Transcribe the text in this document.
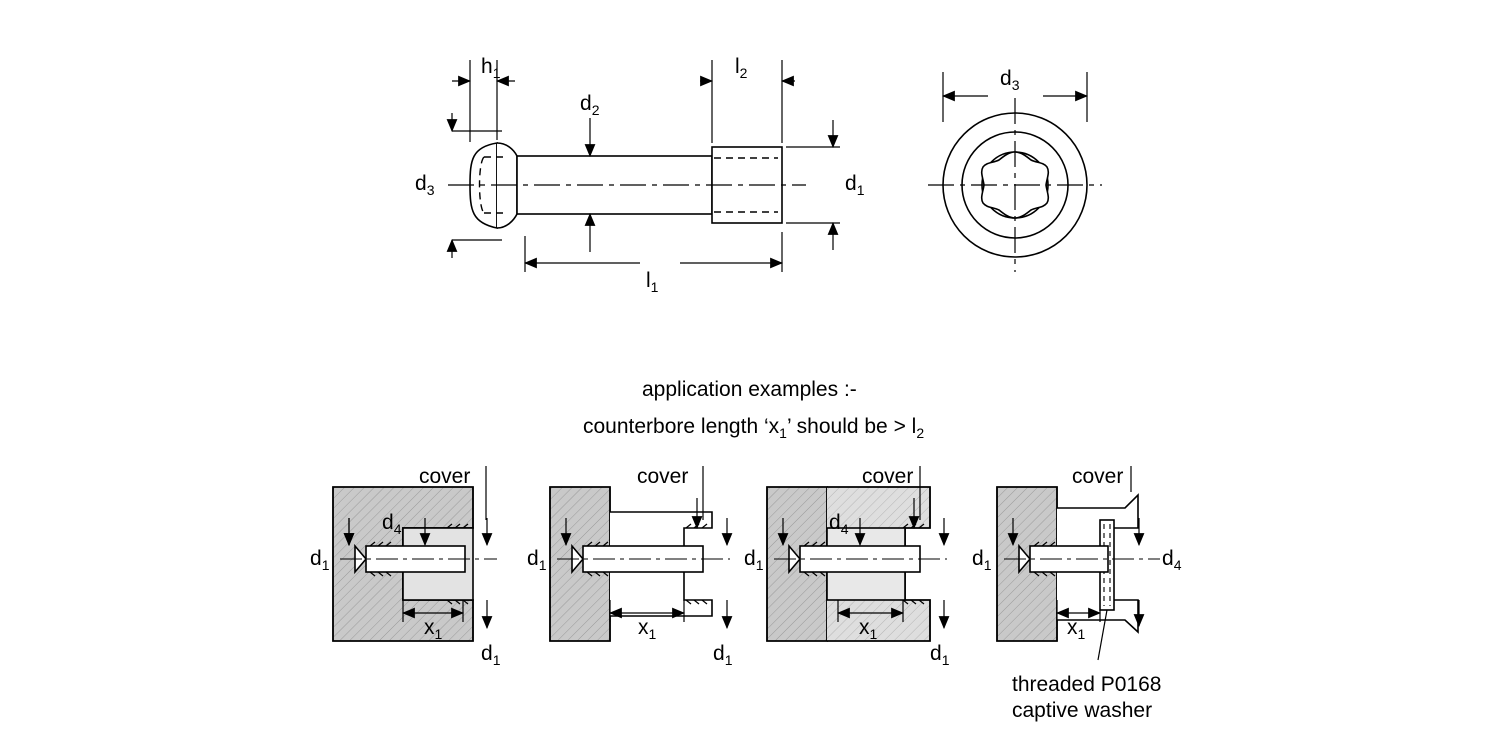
$h_1$
$d_2$
$l_2$
$d_3$	$d_1$
$l_1$
$d_3$
application examples :-
counterbore length ‘$x_1$’ should be > $l_2$
cover
$d_4$
$d_1$
$x_1$
$d_1$
cover
$d_1$
$x_1$
$d_1$
cover
$d_4$
$d_1$
$x_1$
$d_1$
cover
$d_1$
$x_1$
$d_4$
threaded P0168
captive washer
